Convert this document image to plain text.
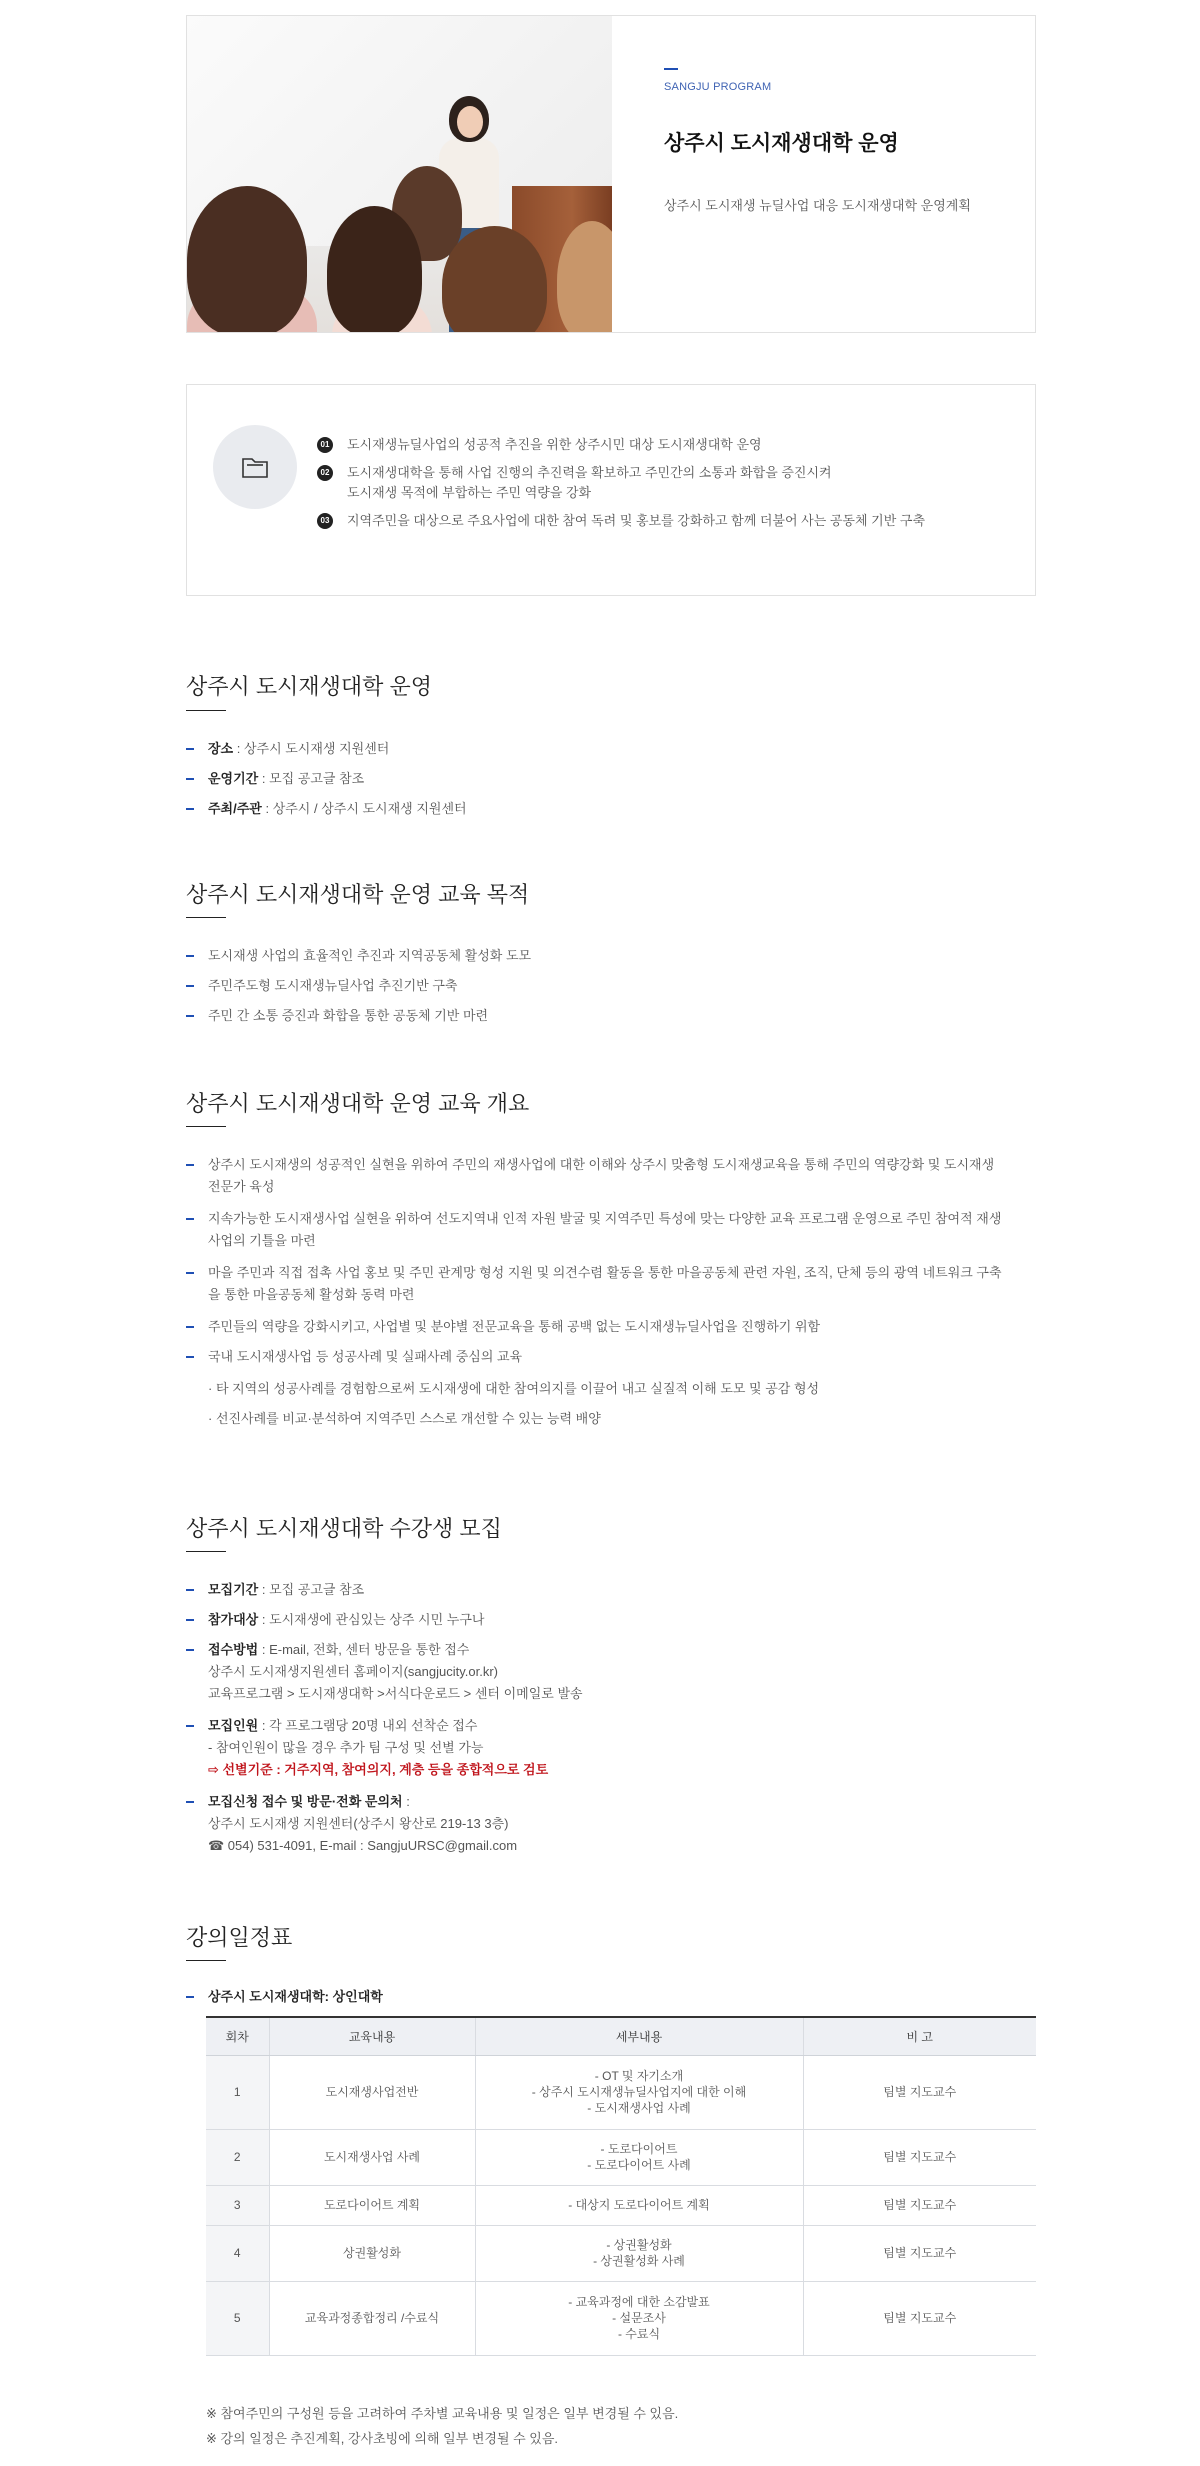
SANGJU PROGRAM
상주시 도시재생대학 운영
상주시 도시재생 뉴딜사업 대응 도시재생대학 운영계획
01 도시재생뉴딜사업의 성공적 추진을 위한 상주시민 대상 도시재생대학 운영
02 도시재생대학을 통해 사업 진행의 추진력을 확보하고 주민간의 소통과 화합을 증진시켜
도시재생 목적에 부합하는 주민 역량을 강화
03 지역주민을 대상으로 주요사업에 대한 참여 독려 및 홍보를 강화하고 함께 더불어 사는 공동체 기반 구축
상주시 도시재생대학 운영
장소 : 상주시 도시재생 지원센터
운영기간 : 모집 공고글 참조
주최/주관 : 상주시 / 상주시 도시재생 지원센터
상주시 도시재생대학 운영 교육 목적
도시재생 사업의 효율적인 추진과 지역공동체 활성화 도모
주민주도형 도시재생뉴딜사업 추진기반 구축
주민 간 소통 증진과 화합을 통한 공동체 기반 마련
상주시 도시재생대학 운영 교육 개요
상주시 도시재생의 성공적인 실현을 위하여 주민의 재생사업에 대한 이해와 상주시 맞춤형 도시재생교육을 통해 주민의 역량강화 및 도시재생
전문가 육성
지속가능한 도시재생사업 실현을 위하여 선도지역내 인적 자원 발굴 및 지역주민 특성에 맞는 다양한 교육 프로그램 운영으로 주민 참여적 재생
사업의 기틀을 마련
마을 주민과 직접 접촉 사업 홍보 및 주민 관계망 형성 지원 및 의견수렴 활동을 통한 마을공동체 관련 자원, 조직, 단체 등의 광역 네트워크 구축
을 통한 마을공동체 활성화 동력 마련
주민들의 역량을 강화시키고, 사업별 및 분야별 전문교육을 통해 공백 없는 도시재생뉴딜사업을 진행하기 위함
국내 도시재생사업 등 성공사례 및 실패사례 중심의 교육
· 타 지역의 성공사례를 경험함으로써 도시재생에 대한 참여의지를 이끌어 내고 실질적 이해 도모 및 공감 형성
· 선진사례를 비교·분석하여 지역주민 스스로 개선할 수 있는 능력 배양
상주시 도시재생대학 수강생 모집
모집기간 : 모집 공고글 참조
참가대상 : 도시재생에 관심있는 상주 시민 누구나
접수방법 : E-mail, 전화, 센터 방문을 통한 접수
상주시 도시재생지원센터 홈페이지(sangjucity.or.kr)
교육프로그램 > 도시재생대학 >서식다운로드 > 센터 이메일로 발송
모집인원 : 각 프로그램당 20명 내외 선착순 접수
- 참여인원이 많을 경우 추가 팀 구성 및 선별 가능
⇨ 선별기준 : 거주지역, 참여의지, 계층 등을 종합적으로 검토
모집신청 접수 및 방문·전화 문의처 :
상주시 도시재생 지원센터(상주시 왕산로 219-13 3층)
☎ 054) 531-4091, E-mail : SangjuURSC@gmail.com
강의일정표
상주시 도시재생대학: 상인대학
회차	교육내용	세부내용	비 고
1	도시재생사업전반	- OT 및 자기소개
- 상주시 도시재생뉴딜사업지에 대한 이해
- 도시재생사업 사례	팀별 지도교수
2	도시재생사업 사례	- 도로다이어트
- 도로다이어트 사례	팀별 지도교수
3	도로다이어트 계획	- 대상지 도로다이어트 계획	팀별 지도교수
4	상권활성화	- 상권활성화
- 상권활성화 사례	팀별 지도교수
5	교육과정종합정리 /수료식	- 교육과정에 대한 소감발표
- 설문조사
- 수료식	팀별 지도교수
※ 참여주민의 구성원 등을 고려하여 주차별 교육내용 및 일정은 일부 변경될 수 있음.
※ 강의 일정은 추진계획, 강사초빙에 의해 일부 변경될 수 있음.
